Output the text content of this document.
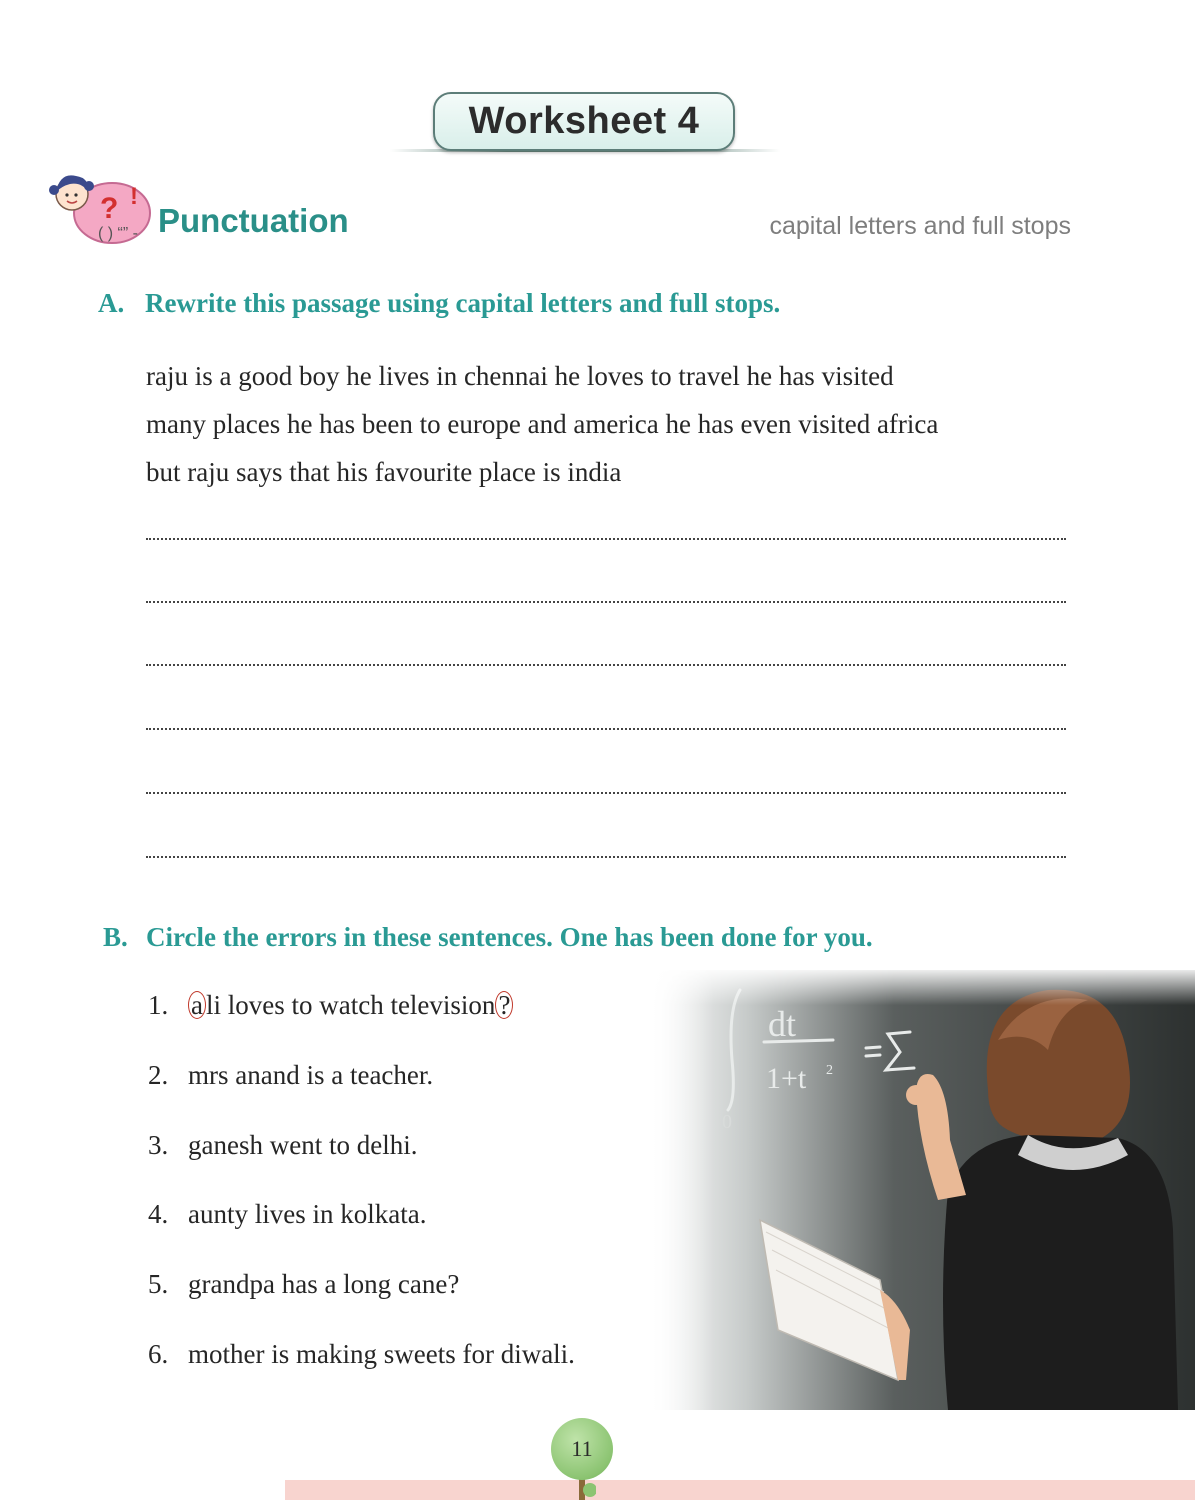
Worksheet 4
? !
( ) “” - Punctuation	capital letters and full stops
A. Rewrite this passage using capital letters and full stops.
raju is a good boy he lives in chennai he loves to travel he has visited
many places he has been to europe and america he has even visited africa
but raju says that his favourite place is india
B. Circle the errors in these sentences. One has been done for you.
1. a li loves to watch television ?
2. mrs anand is a teacher.
3. ganesh went to delhi.
4. aunty lives in kolkata.
5. grandpa has a long cane?
6. mother is making sweets for diwali.
11
